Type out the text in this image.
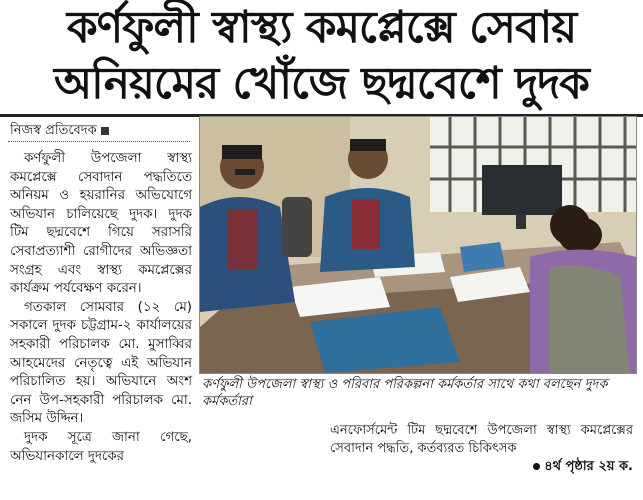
কর্ণফুলী স্বাস্থ্য কমপ্লেক্সে সেবায়
অনিয়মের খোঁজে ছদ্মবেশে দুদক
নিজস্ব প্রতিবেদক

কর্ণফুলী উপজেলা স্বাস্থ্য কমপ্লেক্সে সেবাদান পদ্ধতিতে অনিয়ম ও হয়রানির অভিযোগে অভিযান চালিয়েছে দুদক। দুদক টিম ছদ্মবেশে গিয়ে সরাসরি সেবাপ্রত্যাশী রোগীদের অভিজ্ঞতা সংগ্রহ এবং স্বাস্থ্য কমপ্লেক্সের কার্যক্রম পর্যবেক্ষণ করেন।

গতকাল সোমবার (১২ মে) সকালে দুদক চট্টগ্রাম-২ কার্যালয়ের সহকারী পরিচালক মো. মুসাব্বির আহমেদের নেতৃত্বে এই অভিযান পরিচালিত হয়। অভিযানে অংশ নেন উপ-সহকারী পরিচালক মো. জসিম উদ্দিন।

দুদক সূত্রে জানা গেছে, অভিযানকালে দুদকের

কর্ণফুলী উপজেলা স্বাস্থ্য ও পরিবার পরিকল্পনা কর্মকর্তার সাথে কথা বলছেন দুদক কর্মকর্তারা
এনফোর্সমেন্ট টিম ছদ্মবেশে উপজেলা স্বাস্থ্য কমপ্লেক্সের সেবাদান পদ্ধতি, কর্তব্যরত চিকিৎসক
৪র্থ পৃষ্ঠার ২য় ক.
